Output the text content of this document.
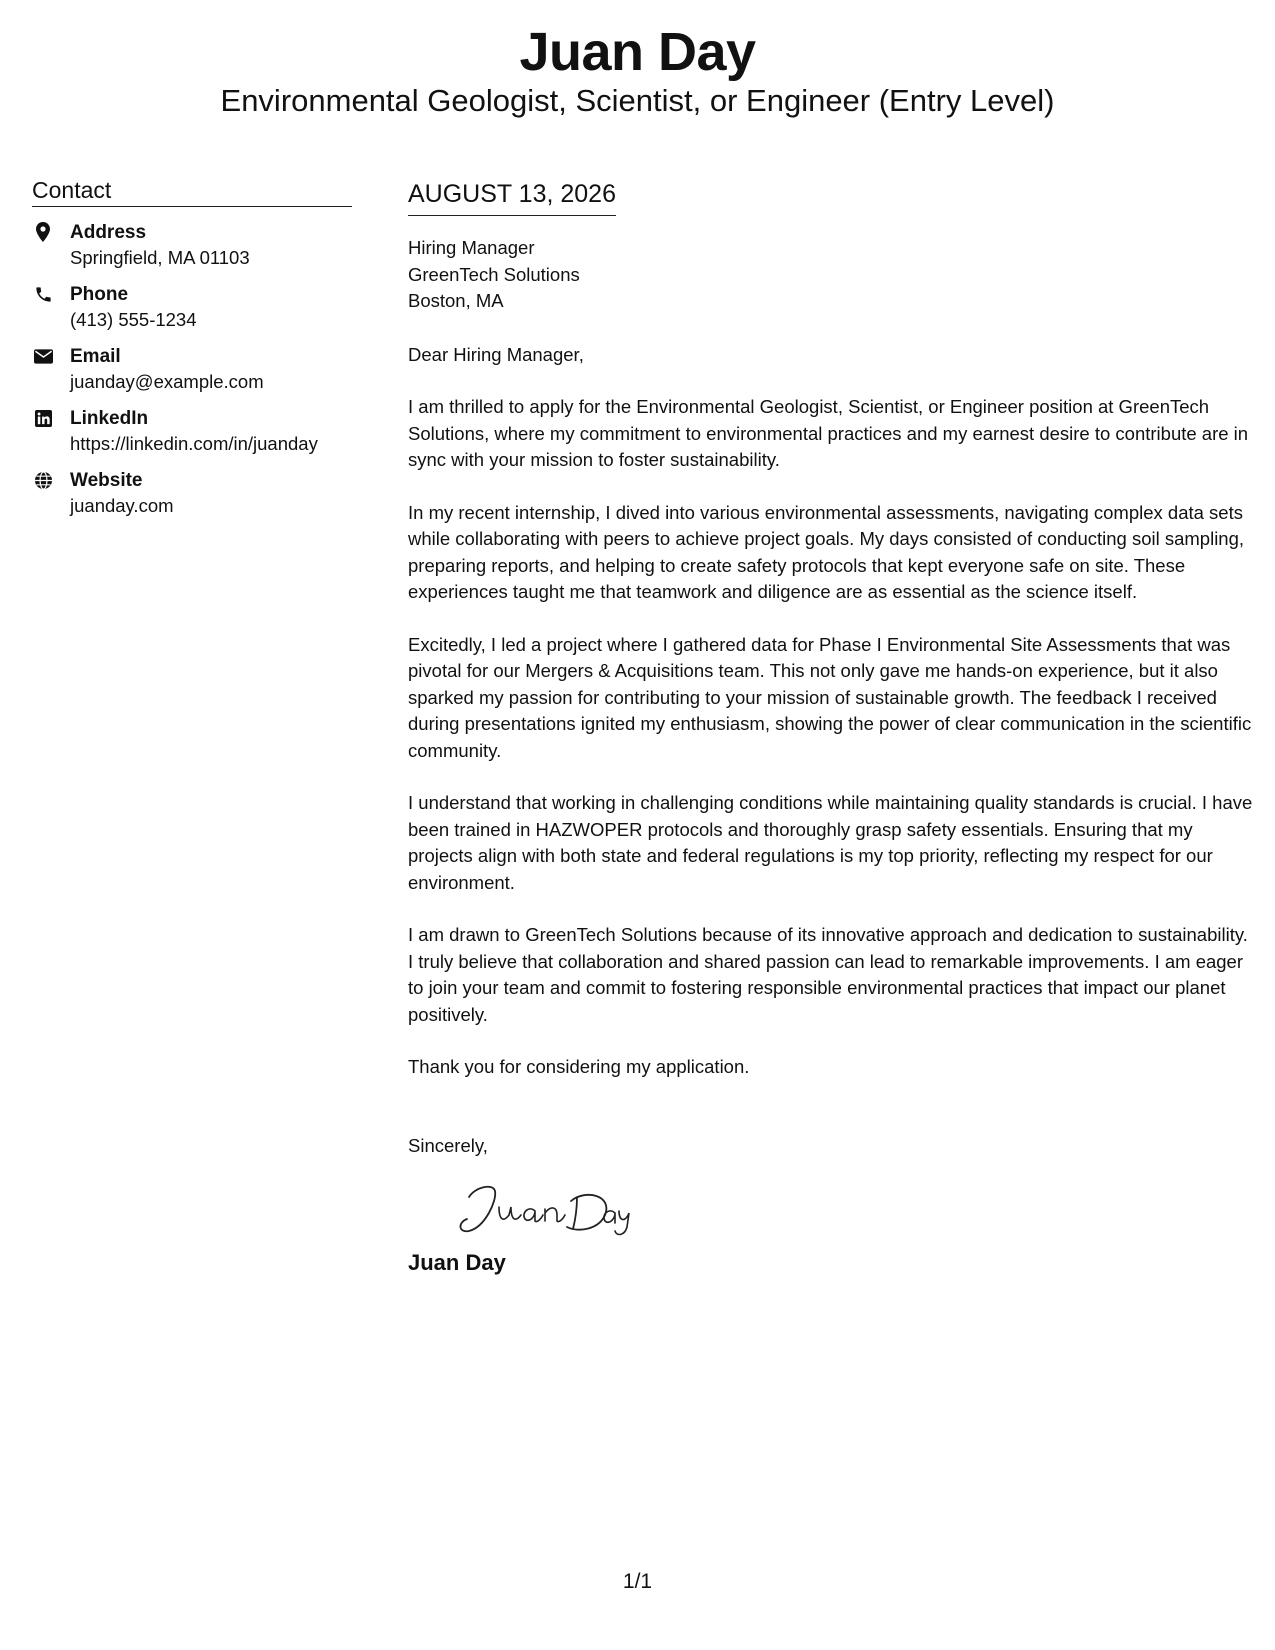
Juan Day
Environmental Geologist, Scientist, or Engineer (Entry Level)
Contact
Address
Springfield, MA 01103
Phone
(413) 555-1234
Email
juanday@example.com
LinkedIn
https://linkedin.com/in/juanday
Website
juanday.com
AUGUST 13, 2026
Hiring Manager
GreenTech Solutions
Boston, MA
Dear Hiring Manager,
I am thrilled to apply for the Environmental Geologist, Scientist, or Engineer position at GreenTech Solutions, where my commitment to environmental practices and my earnest desire to contribute are in sync with your mission to foster sustainability.
In my recent internship, I dived into various environmental assessments, navigating complex data sets while collaborating with peers to achieve project goals. My days consisted of conducting soil sampling, preparing reports, and helping to create safety protocols that kept everyone safe on site. These experiences taught me that teamwork and diligence are as essential as the science itself.
Excitedly, I led a project where I gathered data for Phase I Environmental Site Assessments that was pivotal for our Mergers & Acquisitions team. This not only gave me hands-on experience, but it also sparked my passion for contributing to your mission of sustainable growth. The feedback I received during presentations ignited my enthusiasm, showing the power of clear communication in the scientific community.
I understand that working in challenging conditions while maintaining quality standards is crucial. I have been trained in HAZWOPER protocols and thoroughly grasp safety essentials. Ensuring that my projects align with both state and federal regulations is my top priority, reflecting my respect for our environment.
I am drawn to GreenTech Solutions because of its innovative approach and dedication to sustainability. I truly believe that collaboration and shared passion can lead to remarkable improvements. I am eager to join your team and commit to fostering responsible environmental practices that impact our planet positively.
Thank you for considering my application.
Sincerely,
Juan Day
1/1
